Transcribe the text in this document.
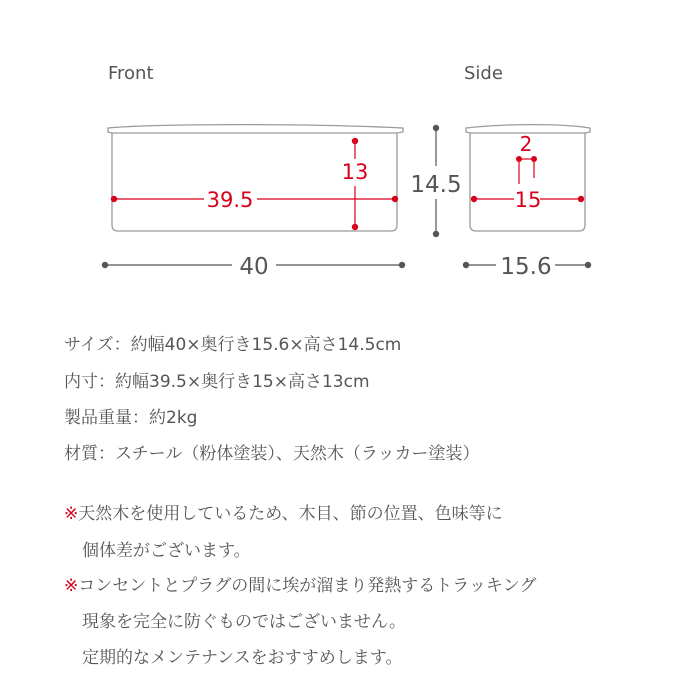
Front	Side
39.5
13
40
14.5
2
15
15.6
サイズ：約幅40×奥行き15.6×高さ14.5cm
内寸：約幅39.5×奥行き15×高さ13cm
製品重量：約2kg
材質：スチール（粉体塗装）、天然木（ラッカー塗装）
※天然木を使用しているため、木目、節の位置、色味等に
個体差がございます。
※コンセントとプラグの間に埃が溜まり発熱するトラッキング
現象を完全に防ぐものではございません。
定期的なメンテナンスをおすすめします。
